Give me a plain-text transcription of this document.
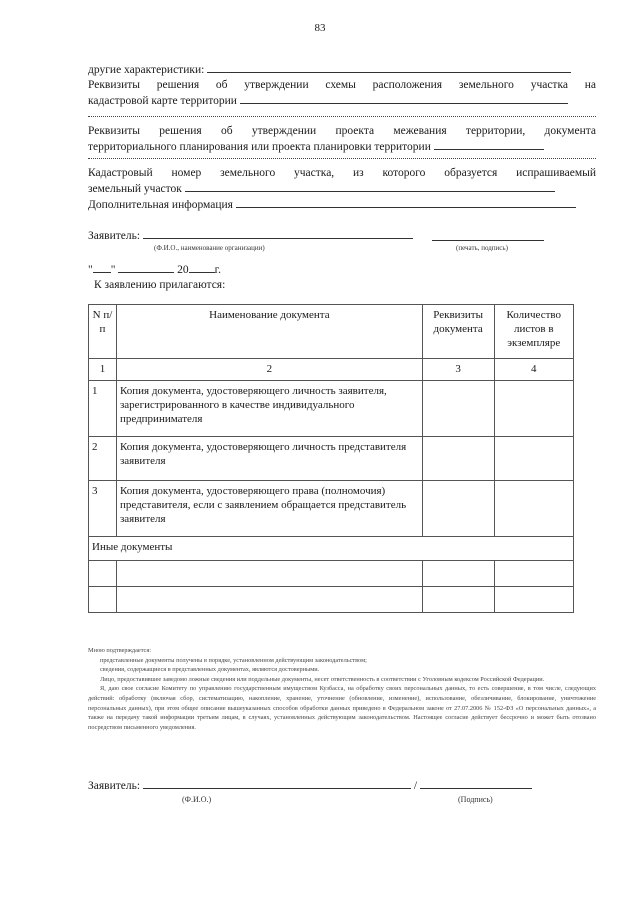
83
другие характеристики:
Реквизиты решения об утверждении схемы расположения земельного участка на
кадастровой карте территории
Реквизиты решения об утверждении проекта межевания территории, документа
территориального планирования или проекта планировки территории
Кадастровый номер земельного участка, из которого образуется испрашиваемый
земельный участок
Дополнительная информация
Заявитель:
(Ф.И.О., наименование организации)	(печать, подпись)
" "	20 г.
К заявлению прилагаются:
N п/п	Наименование документа	Реквизиты документа	Количество листов в экземпляре
1	2	3	4
1	Копия документа, удостоверяющего личность заявителя, зарегистрированного в качестве индивидуального предпринимателя		
2	Копия документа, удостоверяющего личность представителя заявителя		
3	Копия документа, удостоверяющего права (полномочия) представителя, если с заявлением обращается представитель заявителя		
Иные документы			

Мною подтверждается:
представленные документы получены в порядке, установленном действующим законодательством;
сведения, содержащиеся в представленных документах, являются достоверными.
Лицо, предоставившее заведомо ложные сведения или поддельные документы, несет ответственность в соответствии с Уголовным кодексом Российской Федерации.
Я, даю свое согласие Комитету по управлению государственным имуществом Кузбасса, на обработку своих персональных данных, то есть совершение, в том числе, следующих действий: обработку (включая сбор, систематизацию, накопление, хранение, уточнение (обновление, изменение), использование, обезличивание, блокирование, уничтожение персональных данных), при этом общее описание вышеуказанных способов обработки данных приведено в Федеральном законе от 27.07.2006 № 152-ФЗ «О персональных данных», а также на передачу такой информации третьим лицам, в случаях, установленных действующим законодательством. Настоящее согласие действует бессрочно и может быть отозвано посредством письменного уведомления.
Заявитель:	/
(Ф.И.О.)	(Подпись)
